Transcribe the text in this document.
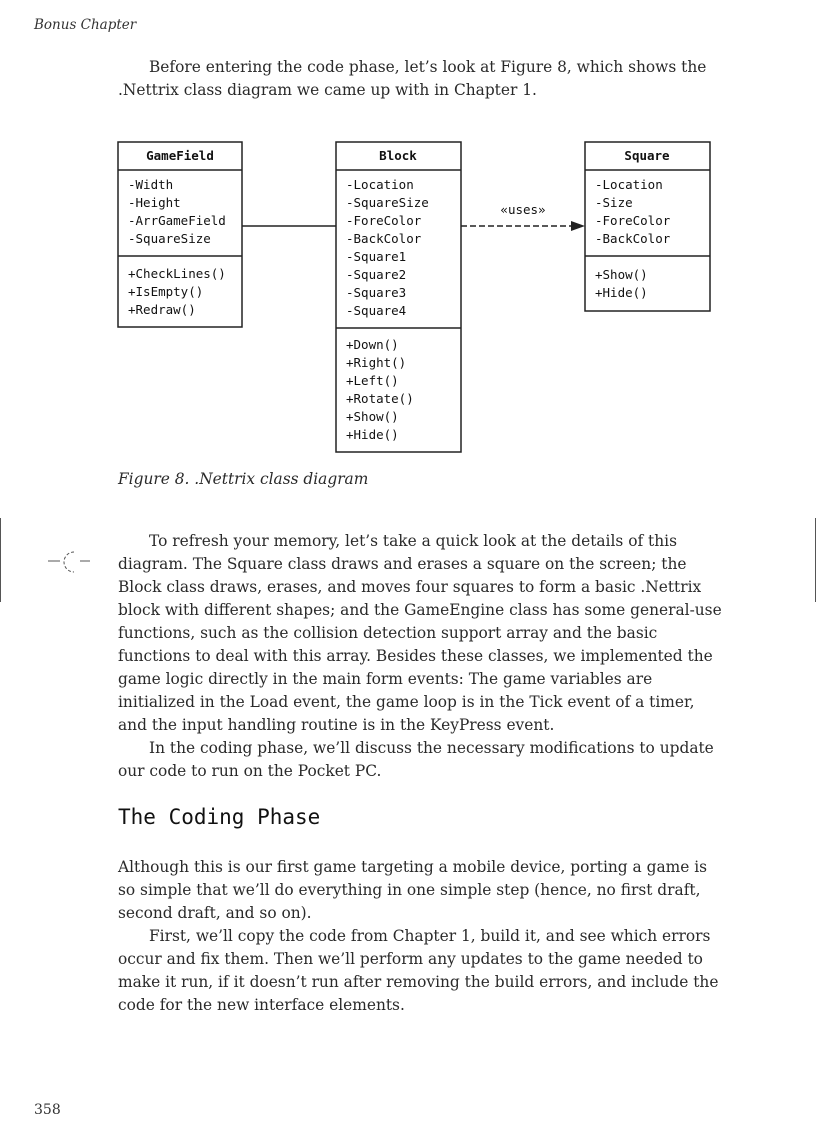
Bonus Chapter

Before entering the code phase, let’s look at Figure 8, which shows the .Nettrix class diagram we came up with in Chapter 1.

«uses»
GameField
-Width
-Height
-ArrGameField
-SquareSize
+CheckLines()
+IsEmpty()
+Redraw()
Block
-Location
-SquareSize
-ForeColor
-BackColor
-Square1
-Square2
-Square3
-Square4
+Down()
+Right()
+Left()
+Rotate()
+Show()
+Hide()
Square
-Location
-Size
-ForeColor
-BackColor
+Show()
+Hide()
Figure 8. .Nettrix class diagram

To refresh your memory, let’s take a quick look at the details of this diagram. The Square class draws and erases a square on the screen; the Block class draws, erases, and moves four squares to form a basic .Nettrix block with different shapes; and the GameEngine class has some general-use functions, such as the collision detection support array and the basic functions to deal with this array. Besides these classes, we implemented the game logic directly in the main form events: The game variables are initialized in the Load event, the game loop is in the Tick event of a timer, and the input handling routine is in the KeyPress event.

In the coding phase, we’ll discuss the necessary modifications to update our code to run on the Pocket PC.

The Coding Phase

Although this is our first game targeting a mobile device, porting a game is so simple that we’ll do everything in one simple step (hence, no first draft, second draft, and so on).

First, we’ll copy the code from Chapter 1, build it, and see which errors occur and fix them. Then we’ll perform any updates to the game needed to make it run, if it doesn’t run after removing the build errors, and include the code for the new interface elements.

358
